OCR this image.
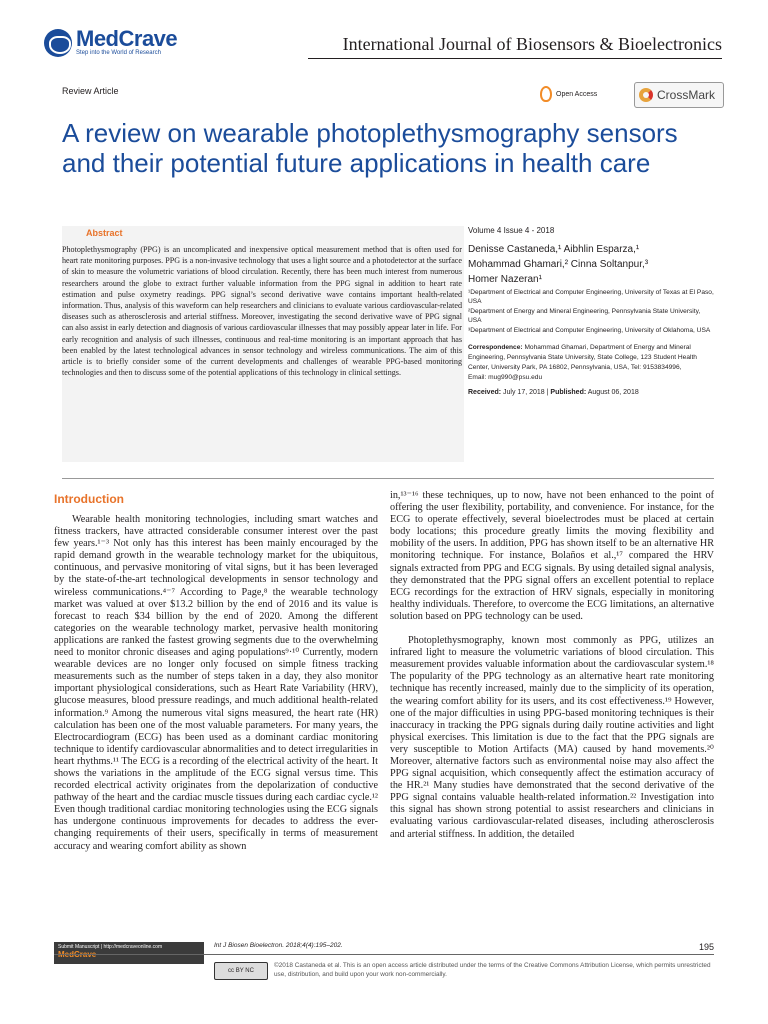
MedCrave
Step into the World of Research	International Journal of Biosensors & Bioelectronics
Review Article	Open Access	CrossMark
A review on wearable photoplethysmography sensors and their potential future applications in health care
Abstract
Photoplethysmography (PPG) is an uncomplicated and inexpensive optical measurement method that is often used for heart rate monitoring purposes. PPG is a non-invasive technology that uses a light source and a photodetector at the surface of skin to measure the volumetric variations of blood circulation. Recently, there has been much interest from numerous researchers around the globe to extract further valuable information from the PPG signal in addition to heart rate estimation and pulse oxymetry readings. PPG signal’s second derivative wave contains important health-related information. Thus, analysis of this waveform can help researchers and clinicians to evaluate various cardiovascular-related diseases such as atherosclerosis and arterial stiffness. Moreover, investigating the second derivative wave of PPG signal can also assist in early detection and diagnosis of various cardiovascular illnesses that may possibly appear later in life. For early recognition and analysis of such illnesses, continuous and real-time monitoring is an important approach that has been enabled by the latest technological advances in sensor technology and wireless communications. The aim of this article is to briefly consider some of the current developments and challenges of wearable PPG-based monitoring technologies and then to discuss some of the potential applications of this technology in clinical settings.
Volume 4 Issue 4 - 2018
Denisse Castaneda,¹ Aibhlin Esparza,¹
Mohammad Ghamari,² Cinna Soltanpur,³
Homer Nazeran¹
¹Department of Electrical and Computer Engineering, University of Texas at El Paso, USA
²Department of Energy and Mineral Engineering, Pennsylvania State University, USA
³Department of Electrical and Computer Engineering, University of Oklahoma, USA
Correspondence: Mohammad Ghamari, Department of Energy and Mineral Engineering, Pennsylvania State University, State College, 123 Student Health Center, University Park, PA 16802, Pennsylvania, USA, Tel: 9153834996,
Email: mug990@psu.edu
Received: July 17, 2018 | Published: August 06, 2018
Introduction

Wearable health monitoring technologies, including smart watches and fitness trackers, have attracted considerable consumer interest over the past few years.¹⁻³ Not only has this interest has been mainly encouraged by the rapid demand growth in the wearable technology market for the ubiquitous, continuous, and pervasive monitoring of vital signs, but it has been leveraged by the state-of-the-art technological developments in sensor technology and wireless communications.⁴⁻⁷ According to Page,⁸ the wearable technology market was valued at over $13.2 billion by the end of 2016 and its value is forecast to reach $34 billion by the end of 2020. Among the different categories on the wearable technology market, pervasive health monitoring applications are ranked the fastest growing segments due to the overwhelming need to monitor chronic diseases and aging populations⁹·¹⁰ Currently, modern wearable devices are no longer only focused on simple fitness tracking measurements such as the number of steps taken in a day, they also monitor important physiological considerations, such as Heart Rate Variability (HRV), glucose measures, blood pressure readings, and much additional health-related information.⁹ Among the numerous vital signs measured, the heart rate (HR) calculation has been one of the most valuable parameters. For many years, the Electrocardiogram (ECG) has been used as a dominant cardiac monitoring technique to identify cardiovascular abnormalities and to detect irregularities in heart rhythms.¹¹ The ECG is a recording of the electrical activity of the heart. It shows the variations in the amplitude of the ECG signal versus time. This recorded electrical activity originates from the depolarization of conductive pathway of the heart and the cardiac muscle tissues during each cardiac cycle.¹² Even though traditional cardiac monitoring technologies using the ECG signals has undergone continuous improvements for decades to address the ever-changing requirements of their users, specifically in terms of measurement accuracy and wearing comfort ability as shown

in,¹³⁻¹⁶ these techniques, up to now, have not been enhanced to the point of offering the user flexibility, portability, and convenience. For instance, for the ECG to operate effectively, several bioelectrodes must be placed at certain body locations; this procedure greatly limits the moving flexibility and mobility of the users. In addition, PPG has shown itself to be an alternative HR monitoring technique. For instance, Bolaños et al.,¹⁷ compared the HRV signals extracted from PPG and ECG signals. By using detailed signal analysis, they demonstrated that the PPG signal offers an excellent potential to replace ECG recordings for the extraction of HRV signals, especially in monitoring healthy individuals. Therefore, to overcome the ECG limitations, an alternative solution based on PPG technology can be used.

Photoplethysmography, known most commonly as PPG, utilizes an infrared light to measure the volumetric variations of blood circulation. This measurement provides valuable information about the cardiovascular system.¹⁸ The popularity of the PPG technology as an alternative heart rate monitoring technique has recently increased, mainly due to the simplicity of its operation, the wearing comfort ability for its users, and its cost effectiveness.¹⁹ However, one of the major difficulties in using PPG-based monitoring techniques is their inaccuracy in tracking the PPG signals during daily routine activities and light physical exercises. This limitation is due to the fact that the PPG signals are very susceptible to Motion Artifacts (MA) caused by hand movements.²⁰ Moreover, alternative factors such as environmental noise may also affect the PPG signal acquisition, which consequently affect the estimation accuracy of the HR.²¹ Many studies have demonstrated that the second derivative of the PPG signal contains valuable health-related information.²² Investigation into this signal has shown strong potential to assist researchers and clinicians in evaluating various cardiovascular-related diseases, including atherosclerosis and arterial stiffness. In addition, the detailed

Submit Manuscript | http://medcraveonline.com	Int J Biosen Bioelectron. 2018;4(4):195‒202.	195
cc BY NC
©2018 Castaneda et al. This is an open access article distributed under the terms of the Creative Commons Attribution License, which permits unrestricted use, distribution, and build upon your work non-commercially.
